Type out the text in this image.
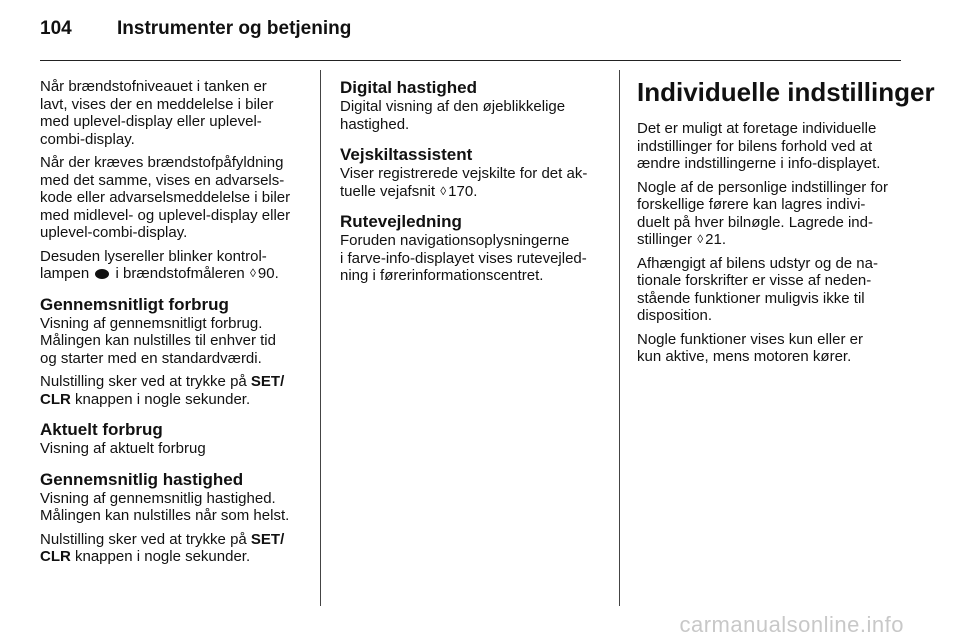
104 Instrumenter og betjening

Når brændstofniveauet i tanken er
lavt, vises der en meddelelse i biler
med uplevel-display eller uplevel-
combi-display.

Når der kræves brændstofpåfyldning
med det samme, vises en advarsels-
kode eller advarselsmeddelelse i biler
med midlevel- og uplevel-display eller
uplevel-combi-display.

Desuden lysereller blinker kontrol-
lampen i brændstofmåleren ◊ 90.

Gennemsnitligt forbrug

Visning af gennemsnitligt forbrug.
Målingen kan nulstilles til enhver tid
og starter med en standardværdi.

Nulstilling sker ved at trykke på SET/
CLR knappen i nogle sekunder.

Aktuelt forbrug

Visning af aktuelt forbrug

Gennemsnitlig hastighed

Visning af gennemsnitlig hastighed.
Målingen kan nulstilles når som helst.

Nulstilling sker ved at trykke på SET/
CLR knappen i nogle sekunder.

Digital hastighed

Digital visning af den øjeblikkelige
hastighed.

Vejskiltassistent

Viser registrerede vejskilte for det ak-
tuelle vejafsnit ◊ 170.

Rutevejledning

Foruden navigationsoplysningerne
i farve-info-displayet vises rutevejled-
ning i førerinformationscentret.

Individuelle indstillinger

Det er muligt at foretage individuelle
indstillinger for bilens forhold ved at
ændre indstillingerne i info-displayet.

Nogle af de personlige indstillinger for
forskellige førere kan lagres indivi-
duelt på hver bilnøgle. Lagrede ind-
stillinger ◊ 21.

Afhængigt af bilens udstyr og de na-
tionale forskrifter er visse af neden-
stående funktioner muligvis ikke til
disposition.

Nogle funktioner vises kun eller er
kun aktive, mens motoren kører.

carmanualsonline.info
